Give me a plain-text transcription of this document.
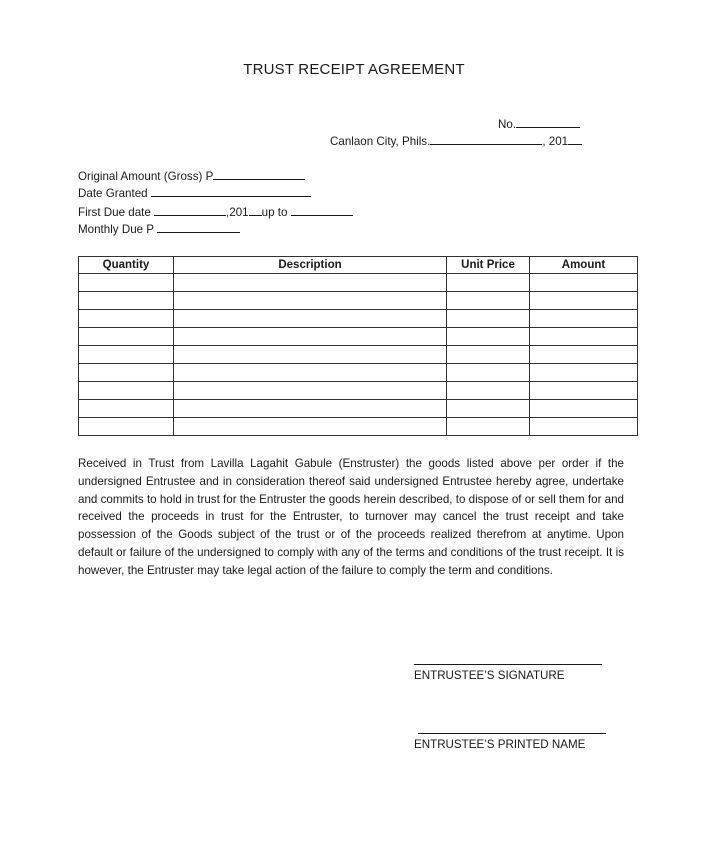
TRUST RECEIPT AGREEMENT
No.
Canlaon City, Phils.	, 201
Original Amount (Gross) P
Date Granted
First Due date	,201 up to
Monthly Due P
Quantity	Description	Unit Price	Amount

Received in Trust from Lavilla Lagahit Gabule (Enstruster) the goods listed above per order if the undersigned Entrustee and in consideration thereof said undersigned Entrustee hereby agree, undertake and commits to hold in trust for the Entruster the goods herein described, to dispose of or sell them for and received the proceeds in trust for the Entruster, to turnover may cancel the trust receipt and take possession of the Goods subject of the trust or of the proceeds realized therefrom at anytime. Upon default or failure of the undersigned to comply with any of the terms and conditions of the trust receipt. It is however, the Entruster may take legal action of the failure to comply the term and conditions.
ENTRUSTEE’S SIGNATURE
ENTRUSTEE’S PRINTED NAME
